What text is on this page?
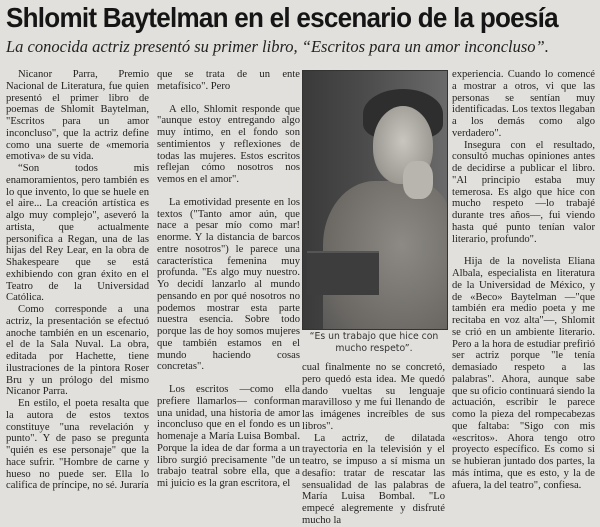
Shlomit Baytelman en el escenario de la poesía
La conocida actriz presentó su primer libro, “Escritos para un amor inconcluso”.

Nicanor Parra, Premio Nacional de Literatura, fue quien presentó el primer libro de poemas de Shlomit Baytelman, "Escritos para un amor inconcluso", que la actriz define como una suerte de «memoria emotiva» de su vida.

“Son todos mis enamoramientos, pero también es lo que invento, lo que se huele en el aire... La creación artística es algo muy complejo", aseveró la artista, que actualmente personifica a Regan, una de las hijas del Rey Lear, en la obra de Shakespeare que se está exhibiendo con gran éxito en el Teatro de la Universidad Católica.

Como corresponde a una actriz, la presentación se efectuó anoche también en un escenario, el de la Sala Nuval. La obra, editada por Hachette, tiene ilustraciones de la pintora Roser Bru y un prólogo del mismo Nicanor Parra.

En estilo, el poeta resalta que la autora de estos textos constituye "una revelación y punto". Y de paso se pregunta "quién es ese personaje" que la hace sufrir. "Hombre de carne y hueso no puede ser. Ella lo califica de príncipe, no sé. Juraría

que se trata de un ente metafísico". Pero

A ello, Shlomit responde que "aunque estoy entregando algo muy íntimo, en el fondo son sentimientos y reflexiones de todas las mujeres. Estos escritos reflejan cómo nosotros nos vemos en el amor".

La emotividad presente en los textos ("Tanto amor aún, que nace a pesar mío como mar! enorme. Y la distancia de barcos entre nosotros") le parece una característica femenina muy profunda. "Es algo muy nuestro. Yo decidí lanzarlo al mundo pensando en por qué nosotros no podemos mostrar esta parte nuestra esencia. Sobre todo porque las de hoy somos mujeres que también estamos en el mundo haciendo cosas concretas".

Los escritos —como ella prefiere llamarlos— conforman una unidad, una historia de amor inconcluso que en el fondo es un homenaje a María Luisa Bombal. Porque la idea de dar forma a un libro surgió precisamente "de un trabajo teatral sobre ella, que a mi juicio es la gran escritora, el

“Es un trabajo que hice con mucho respeto”.

cual finalmente no se concretó, pero quedó esta idea. Me quedó dando vueltas su lenguaje maravilloso y me fui llenando de las imágenes increíbles de sus libros".

La actriz, de dilatada trayectoria en la televisión y el teatro, se impuso a sí misma un desafío: tratar de rescatar las sensualidad de las palabras de María Luisa Bombal. "Lo empecé alegremente y disfruté mucho la

experiencia. Cuando lo comencé a mostrar a otros, vi que las personas se sentían muy identificadas. Los textos llegaban a los demás como algo verdadero".

Insegura con el resultado, consultó muchas opiniones antes de decidirse a publicar el libro. "Al principio estaba muy temerosa. Es algo que hice con mucho respeto —lo trabajé durante tres años—, fui viendo hasta qué punto tenían valor literario, profundo".

Hija de la novelista Eliana Albala, especialista en literatura de la Universidad de México, y de «Beco» Baytelman —"que también era medio poeta y me recitaba en voz alta"—, Shlomit se crió en un ambiente literario. Pero a la hora de estudiar prefirió ser actriz porque "le tenía demasiado respeto a las palabras". Ahora, aunque sabe que su oficio continuará siendo la actuación, escribir le parece como la pieza del rompecabezas que faltaba: "Sigo con mis «escritos». Ahora tengo otro proyecto específico. Es como si se hubieran juntado dos partes, la más íntima, que es esto, y la de afuera, la del teatro", confiesa.
